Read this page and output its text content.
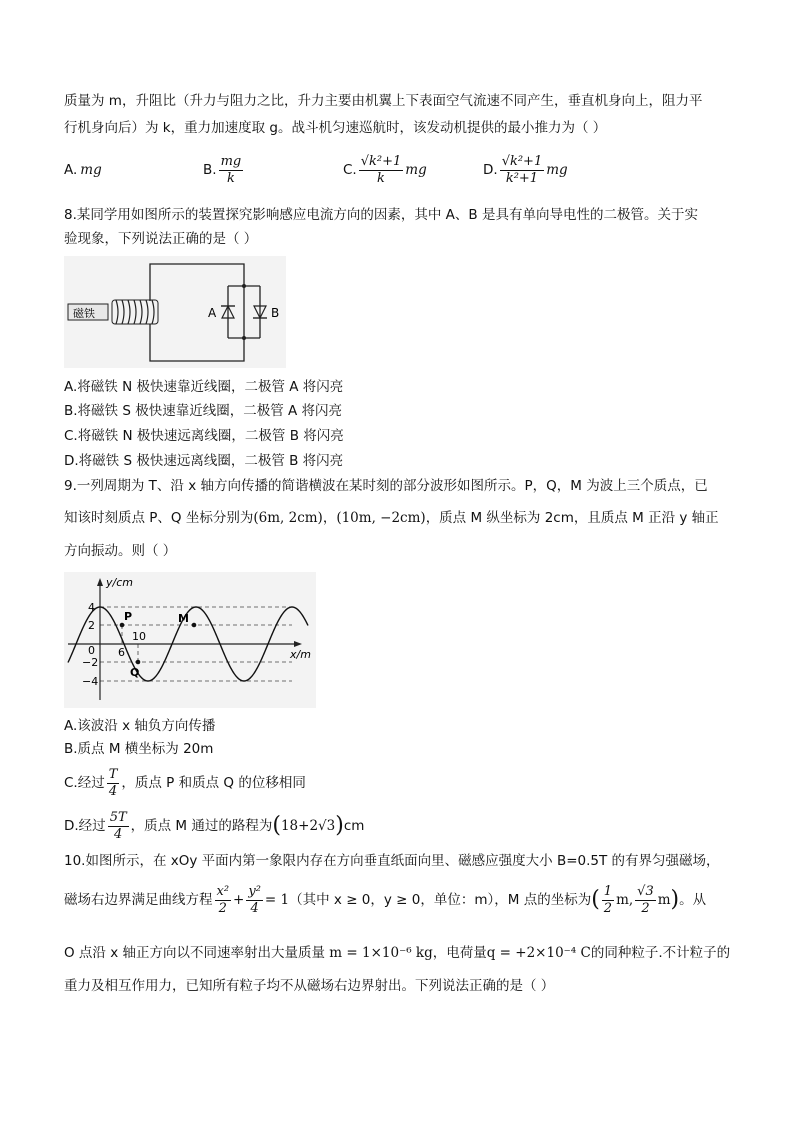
质量为 m，升阻比（升力与阻力之比，升力主要由机翼上下表面空气流速不同产生，垂直机身向上，阻力平
行机身向后）为 k，重力加速度取 g。战斗机匀速巡航时，该发动机提供的最小推力为（ ）
A. mg	B. $\frac{mg}{k}$	C. $\frac{\text{√k²+1}}{k}$ mg	D. $\frac{\text{√k²+1}}{\text{k²+1}}$ mg
8.某同学用如图所示的装置探究影响感应电流方向的因素，其中 A、B 是具有单向导电性的二极管。关于实
验现象，下列说法正确的是（ ）
磁铁	A	B
A.将磁铁 N 极快速靠近线圈，二极管 A 将闪亮
B.将磁铁 S 极快速靠近线圈，二极管 A 将闪亮
C.将磁铁 N 极快速远离线圈，二极管 B 将闪亮
D.将磁铁 S 极快速远离线圈，二极管 B 将闪亮
9.一列周期为 T、沿 x 轴方向传播的简谐横波在某时刻的部分波形如图所示。P，Q，M 为波上三个质点，已
知该时刻质点 P、Q 坐标分别为(6m, 2cm)，(10m, −2cm)，质点 M 纵坐标为 2cm，且质点 M 正沿 y 轴正
方向振动。则（ ）
y/cm
x/m
4
2
0
−2
−4
6
10
P
Q
M
A.该波沿 x 轴负方向传播
B.质点 M 横坐标为 20m
C.经过 $\frac{T}{4}$ ，质点 P 和质点 Q 的位移相同
D.经过 $\frac{5T}{4}$ ，质点 M 通过的路程为 ( 18+2√3 ) cm
10.如图所示，在 xOy 平面内第一象限内存在方向垂直纸面向里、磁感应强度大小 B=0.5T 的有界匀强磁场，
磁场右边界满足曲线方程 $\frac{\text{x²}}{2} + \frac{\text{y²}}{4} = 1$ （其中 x ≥ 0，y ≥ 0，单位：m），M 点的坐标为 ( $\frac{1}{2} m$, $\frac{√3}{2}$ m ) 。从
O 点沿 x 轴正方向以不同速率射出大量质量 m = 1×10⁻⁶ kg，电荷量q = +2×10⁻⁴ C的同种粒子.不计粒子的
重力及相互作用力，已知所有粒子均不从磁场右边界射出。下列说法正确的是（ ）
